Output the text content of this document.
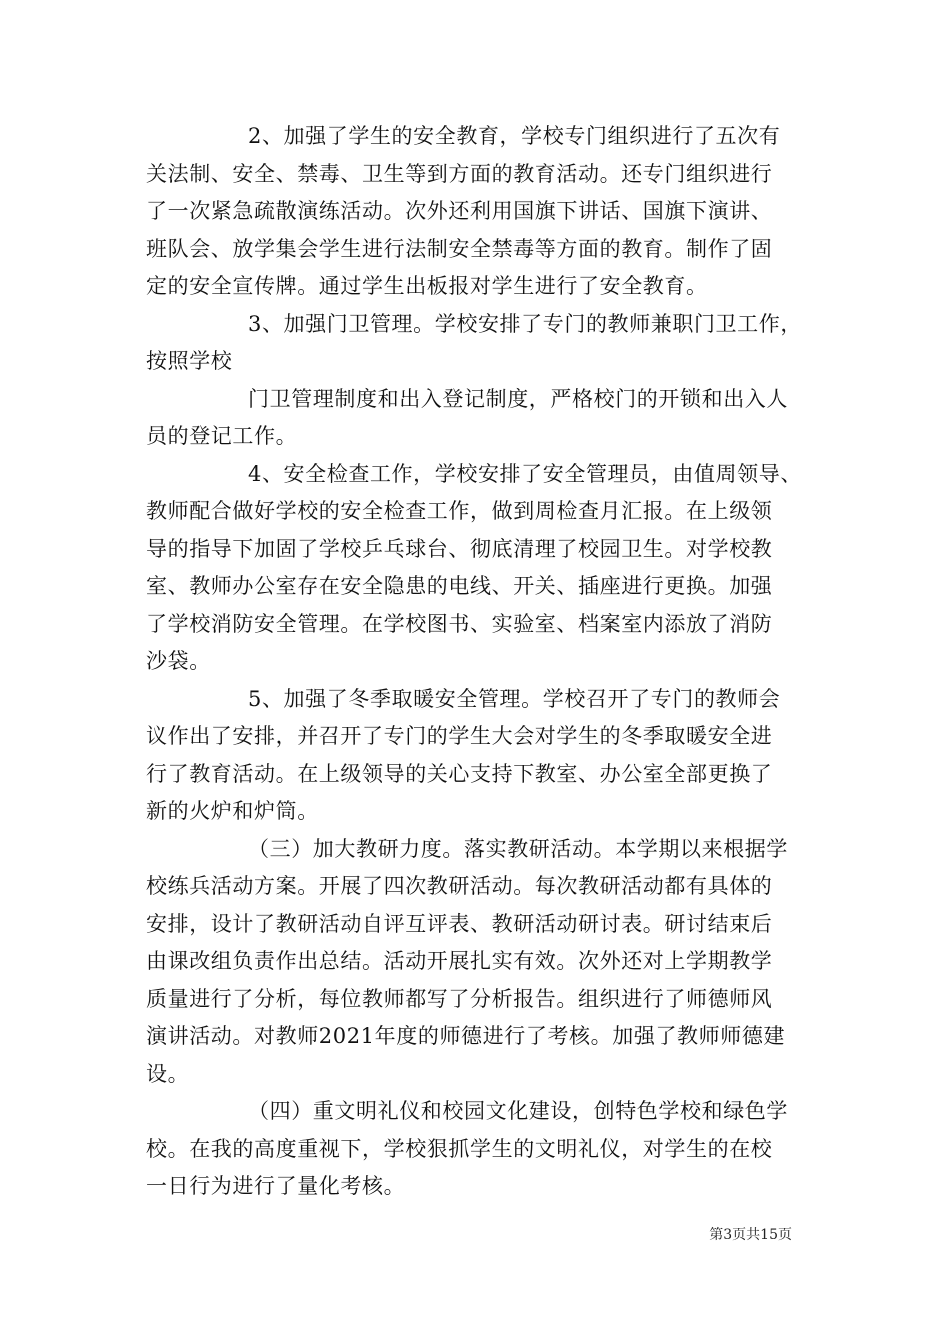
2、加强了学生的安全教育，学校专门组织进行了五次有
关法制、安全、禁毒、卫生等到方面的教育活动。还专门组织进行
了一次紧急疏散演练活动。次外还利用国旗下讲话、国旗下演讲、
班队会、放学集会学生进行法制安全禁毒等方面的教育。制作了固
定的安全宣传牌。通过学生出板报对学生进行了安全教育。
3、加强门卫管理。学校安排了专门的教师兼职门卫工作，
按照学校
门卫管理制度和出入登记制度，严格校门的开锁和出入人
员的登记工作。
4、安全检查工作，学校安排了安全管理员，由值周领导、
教师配合做好学校的安全检查工作，做到周检查月汇报。在上级领
导的指导下加固了学校乒乓球台、彻底清理了校园卫生。对学校教
室、教师办公室存在安全隐患的电线、开关、插座进行更换。加强
了学校消防安全管理。在学校图书、实验室、档案室内添放了消防
沙袋。
5、加强了冬季取暖安全管理。学校召开了专门的教师会
议作出了安排，并召开了专门的学生大会对学生的冬季取暖安全进
行了教育活动。在上级领导的关心支持下教室、办公室全部更换了
新的火炉和炉筒。
（三）加大教研力度。落实教研活动。本学期以来根据学
校练兵活动方案。开展了四次教研活动。每次教研活动都有具体的
安排，设计了教研活动自评互评表、教研活动研讨表。研讨结束后
由课改组负责作出总结。活动开展扎实有效。次外还对上学期教学
质量进行了分析，每位教师都写了分析报告。组织进行了师德师风
演讲活动。对教师2021年度的师德进行了考核。加强了教师师德建
设。
（四）重文明礼仪和校园文化建设，创特色学校和绿色学
校。在我的高度重视下，学校狠抓学生的文明礼仪，对学生的在校
一日行为进行了量化考核。
第3页共15页
